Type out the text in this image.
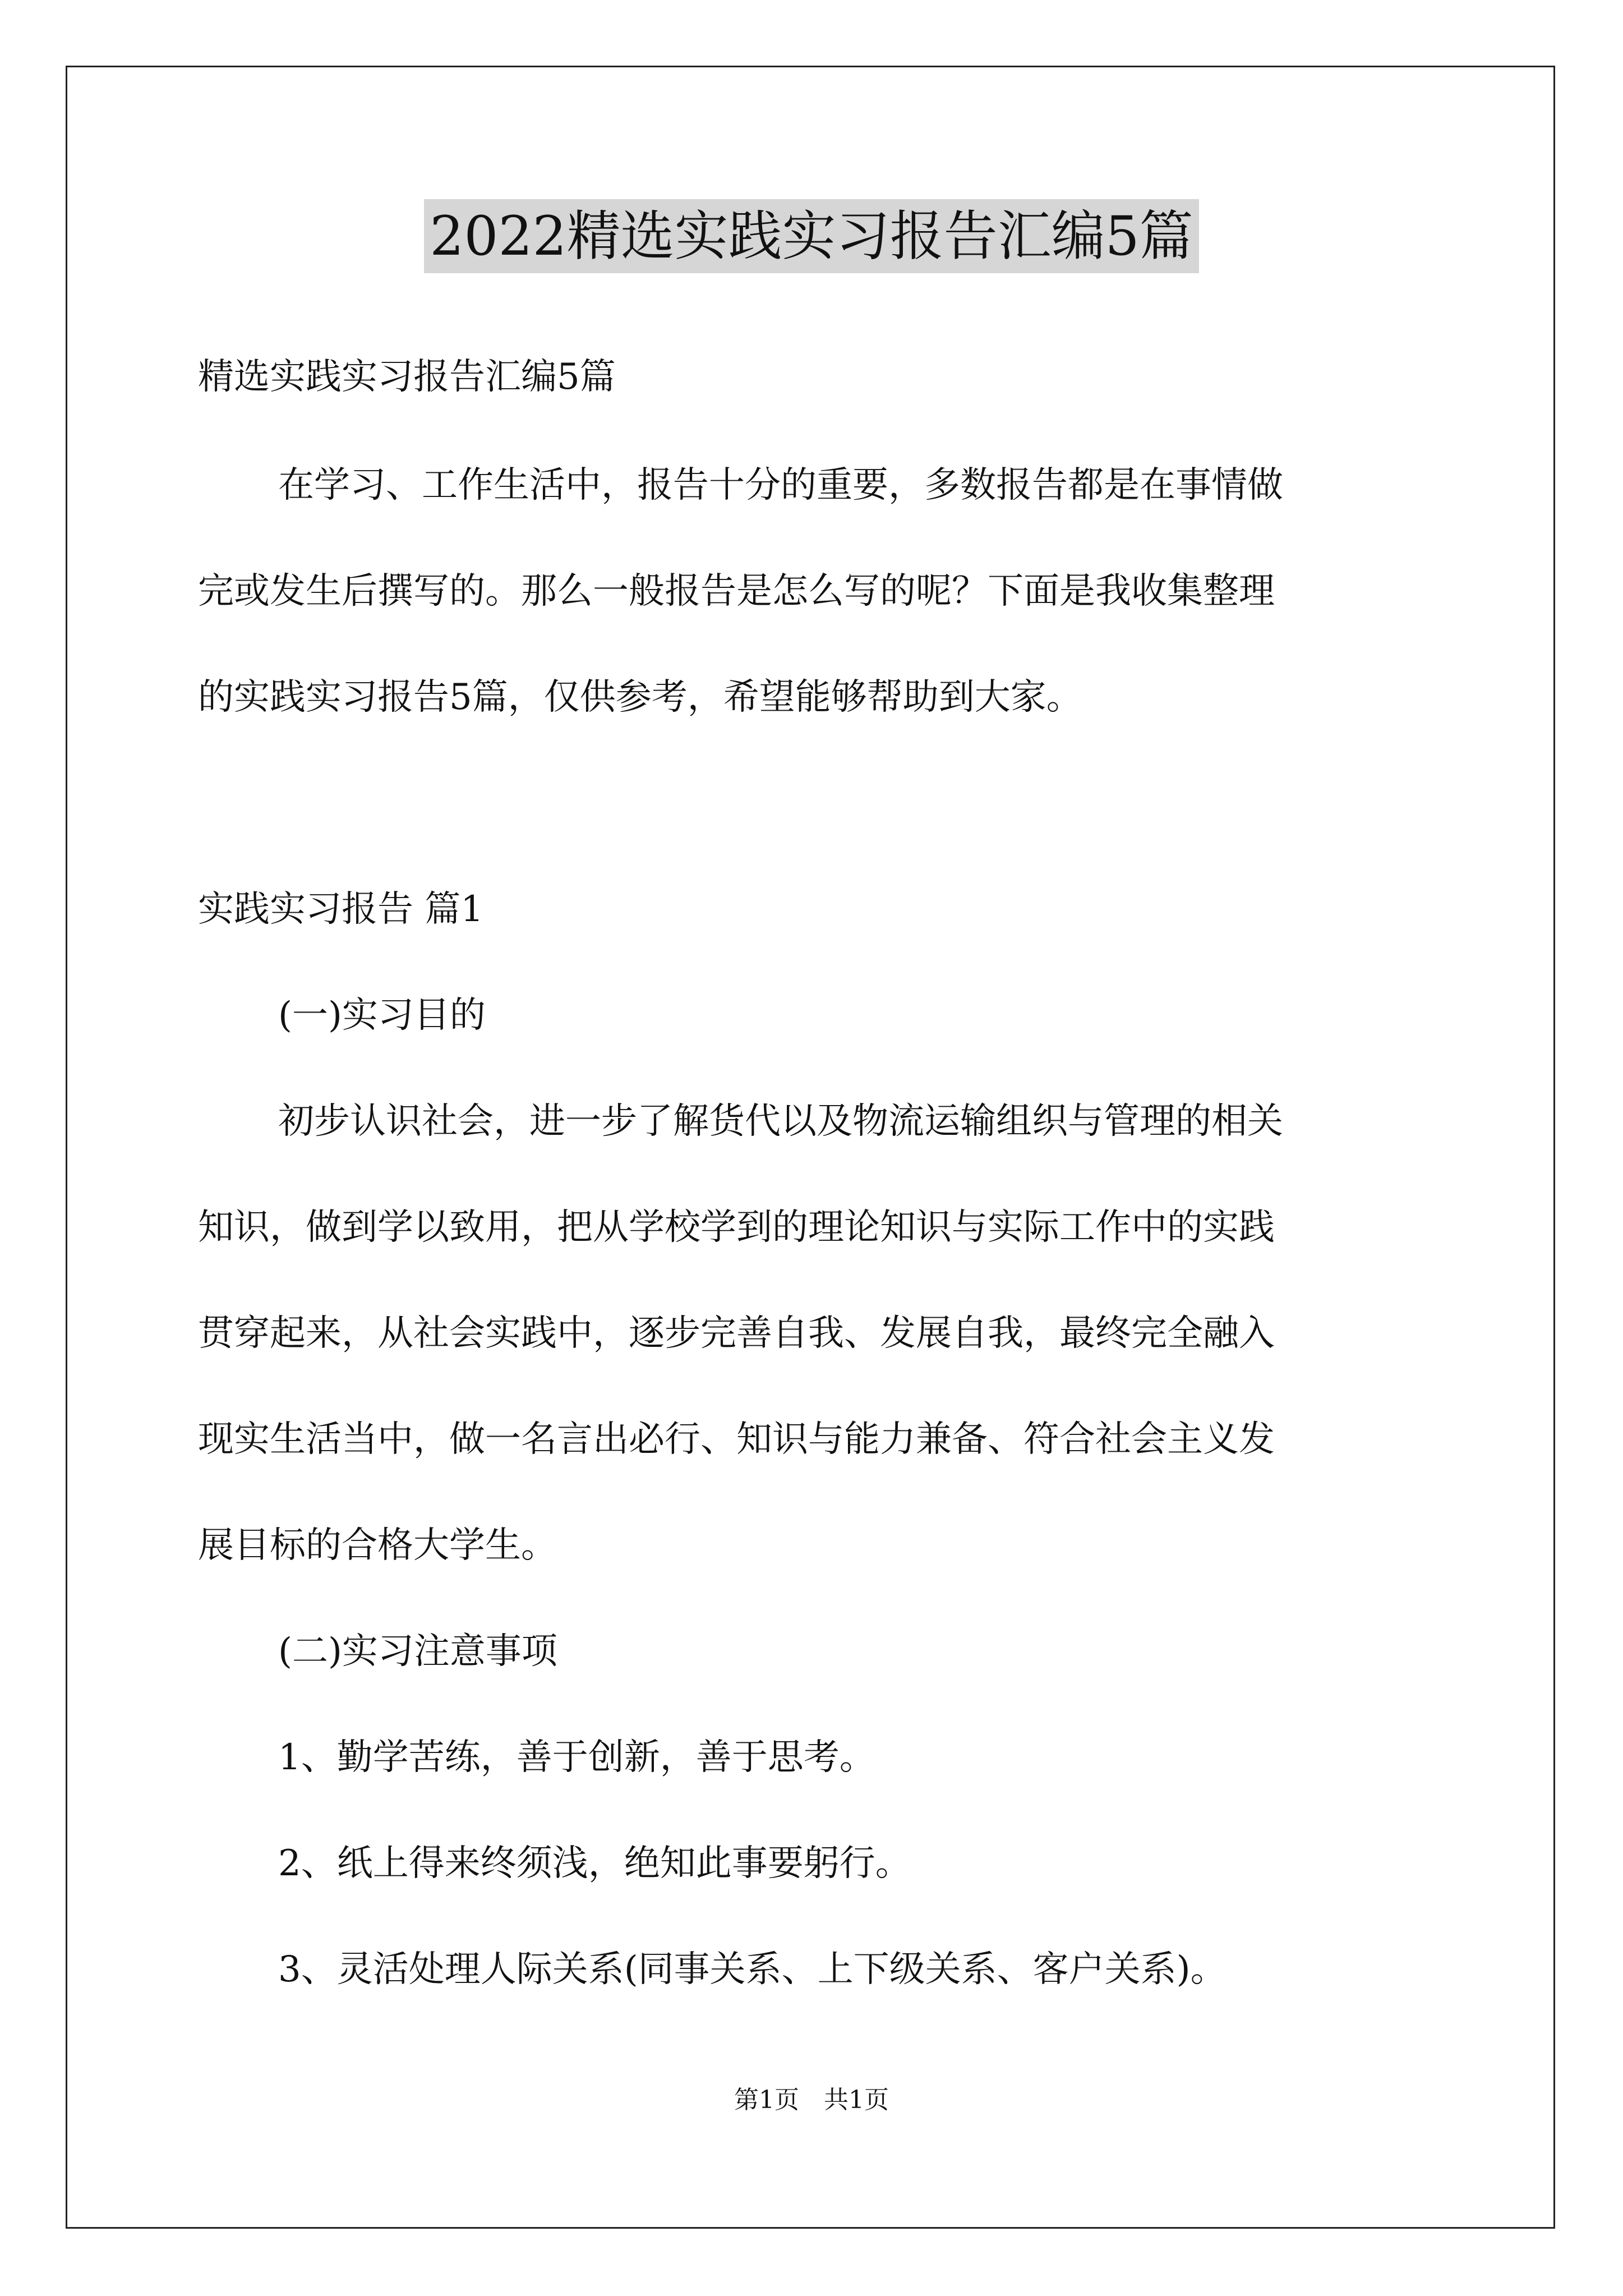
2022精选实践实习报告汇编5篇
精选实践实习报告汇编5篇
在学习、工作生活中，报告十分的重要，多数报告都是在事情做
完或发生后撰写的。那么一般报告是怎么写的呢？下面是我收集整理
的实践实习报告5篇，仅供参考，希望能够帮助到大家。
实践实习报告 篇1
(一)实习目的
初步认识社会，进一步了解货代以及物流运输组织与管理的相关
知识，做到学以致用，把从学校学到的理论知识与实际工作中的实践
贯穿起来，从社会实践中，逐步完善自我、发展自我，最终完全融入
现实生活当中，做一名言出必行、知识与能力兼备、符合社会主义发
展目标的合格大学生。
(二)实习注意事项
1、勤学苦练，善于创新，善于思考。
2、纸上得来终须浅，绝知此事要躬行。
3、灵活处理人际关系(同事关系、上下级关系、客户关系)。
第1页　共1页
